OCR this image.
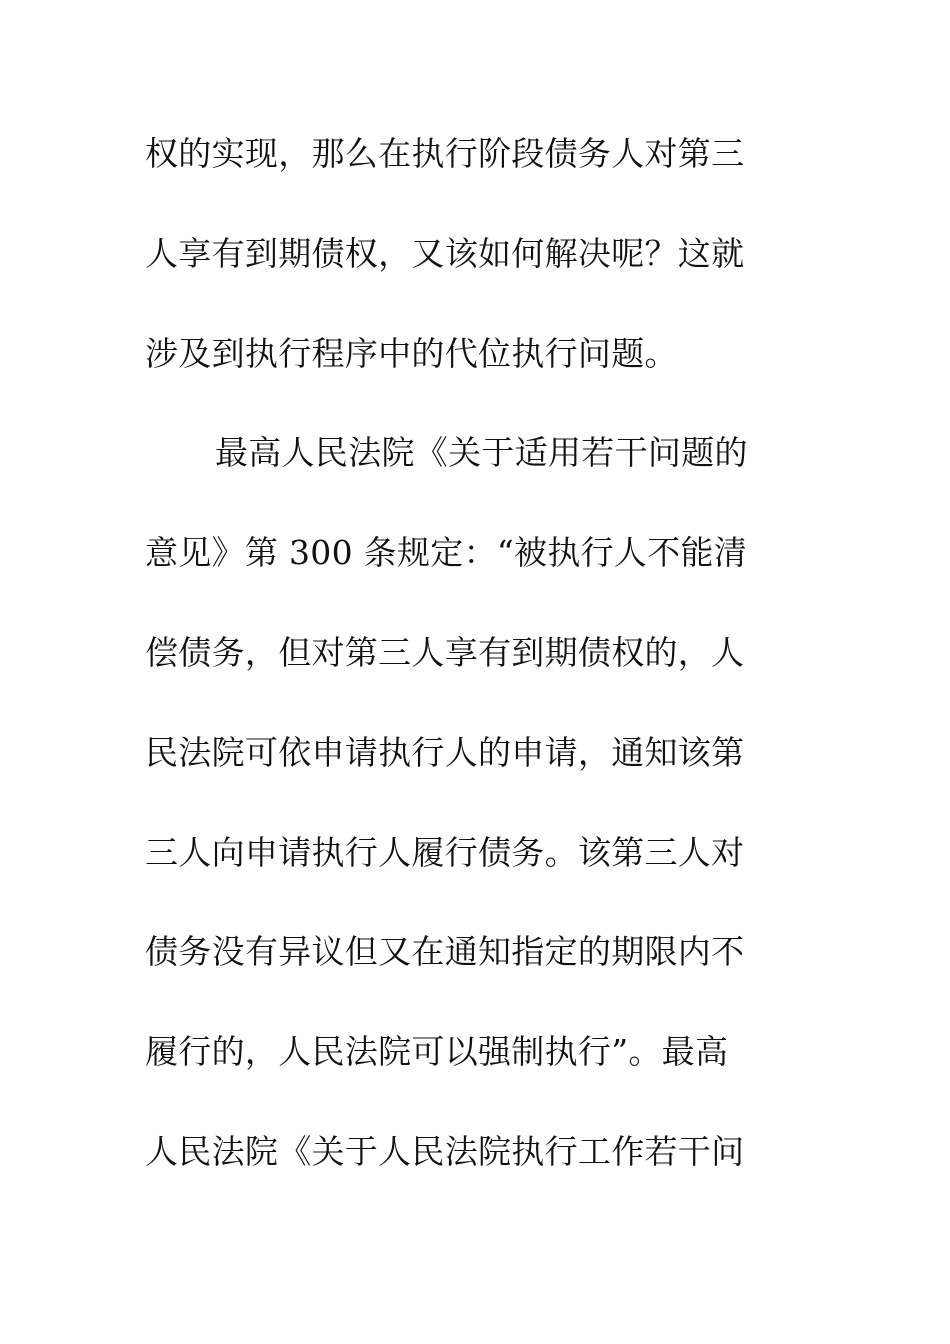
权的实现，那么在执行阶段债务人对第三
人享有到期债权，又该如何解决呢？这就
涉及到执行程序中的代位执行问题。
最高人民法院《关于适用若干问题的
意见》第 300 条规定：“被执行人不能清
偿债务，但对第三人享有到期债权的，人
民法院可依申请执行人的申请，通知该第
三人向申请执行人履行债务。该第三人对
债务没有异议但又在通知指定的期限内不
履行的，人民法院可以强制执行”。最高
人民法院《关于人民法院执行工作若干问
